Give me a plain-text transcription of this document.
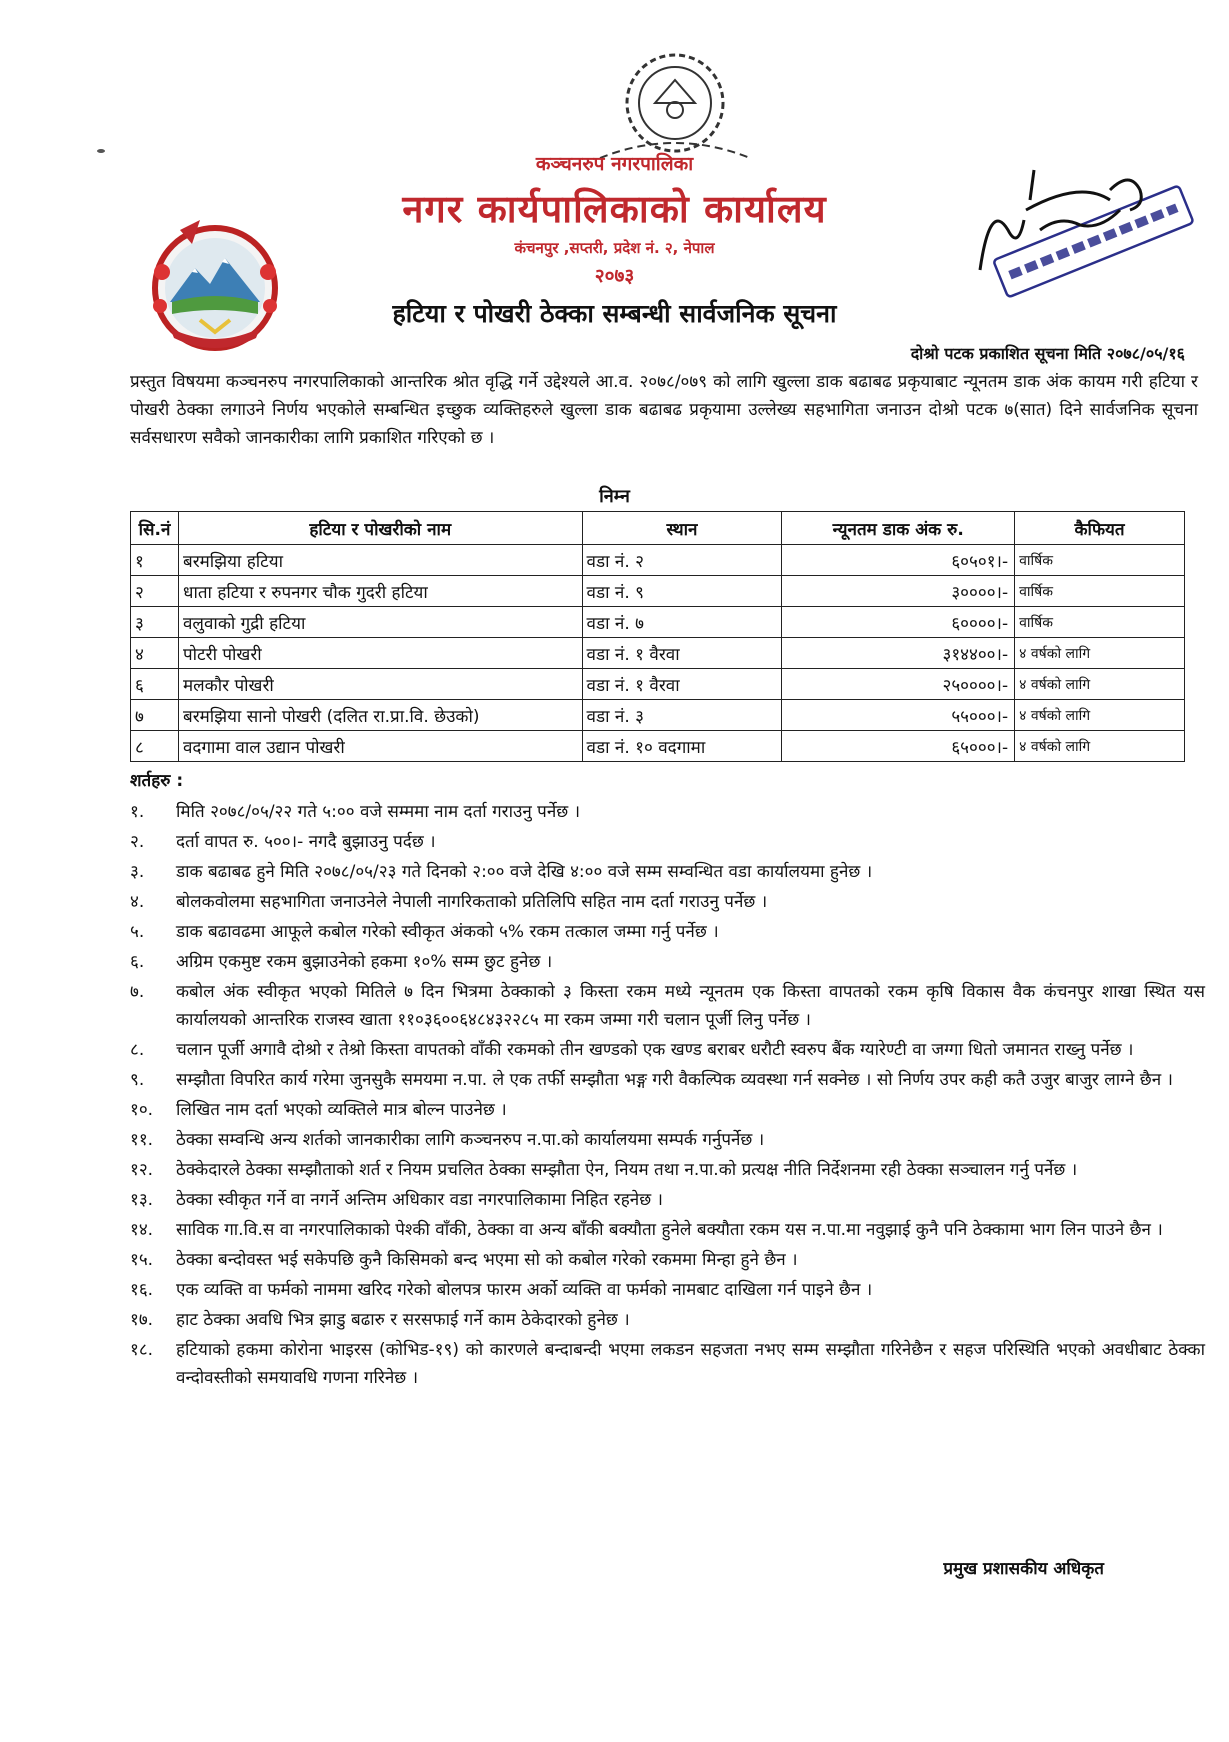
कञ्चनरुप नगरपालिका
नगर कार्यपालिकाको कार्यालय
कंचनपुर ,सप्तरी, प्रदेश नं. २, नेपाल
२०७३
हटिया र पोखरी ठेक्का सम्बन्धी सार्वजनिक सूचना
दोश्रो पटक प्रकाशित सूचना मिति २०७८/०५/१६
प्रस्तुत विषयमा कञ्चनरुप नगरपालिकाको आन्तरिक श्रोत वृद्धि गर्ने उद्देश्यले आ.व. २०७८/०७९ को लागि खुल्ला डाक बढाबढ प्रकृयाबाट न्यूनतम डाक अंक कायम गरी हटिया र पोखरी ठेक्का लगाउने निर्णय भएकोले सम्बन्धित इच्छुक व्यक्तिहरुले खुल्ला डाक बढाबढ प्रकृयामा उल्लेख्य सहभागिता जनाउन दोश्रो पटक ७(सात) दिने सार्वजनिक सूचना सर्वसधारण सवैको जानकारीका लागि प्रकाशित गरिएको छ ।
निम्न
सि.नं	हटिया र पोखरीको नाम	स्थान	न्यूनतम डाक अंक रु.	कैफियत
१	बरमझिया हटिया	वडा नं. २	६०५०१।-	वार्षिक
२	धाता हटिया र रुपनगर चौक गुदरी हटिया	वडा नं. ९	३००००।-	वार्षिक
३	वलुवाको गुद्री हटिया	वडा नं. ७	६००००।-	वार्षिक
४	पोटरी पोखरी	वडा नं. १ वैरवा	३१४४००।-	४ वर्षको लागि
६	मलकौर पोखरी	वडा नं. १ वैरवा	२५००००।-	४ वर्षको लागि
७	बरमझिया सानो पोखरी (दलित रा.प्रा.वि. छेउको)	वडा नं. ३	५५०००।-	४ वर्षको लागि
८	वदगामा वाल उद्यान पोखरी	वडा नं. १० वदगामा	६५०००।-	४ वर्षको लागि
शर्तहरु :
१.	मिति २०७८/०५/२२ गते ५:०० वजे सम्ममा नाम दर्ता गराउनु पर्नेछ ।
२.	दर्ता वापत रु. ५००।- नगदै बुझाउनु पर्दछ ।
३.	डाक बढाबढ हुने मिति २०७८/०५/२३ गते दिनको २:०० वजे देखि ४:०० वजे सम्म सम्वन्धित वडा कार्यालयमा हुनेछ ।
४.	बोलकवोलमा सहभागिता जनाउनेले नेपाली नागरिकताको प्रतिलिपि सहित नाम दर्ता गराउनु पर्नेछ ।
५.	डाक बढावढमा आफूले कबोल गरेको स्वीकृत अंकको ५% रकम तत्काल जम्मा गर्नु पर्नेछ ।
६.	अग्रिम एकमुष्ट रकम बुझाउनेको हकमा १०% सम्म छुट हुनेछ ।
७.	कबोल अंक स्वीकृत भएको मितिले ७ दिन भित्रमा ठेक्काको ३ किस्ता रकम मध्ये न्यूनतम एक किस्ता वापतको रकम कृषि विकास वैक कंचनपुर शाखा स्थित यस कार्यालयको आन्तरिक राजस्व खाता ११०३६००६४८४३२२८५ मा रकम जम्मा गरी चलान पूर्जी लिनु पर्नेछ ।
८.	चलान पूर्जी अगावै दोश्रो र तेश्रो किस्ता वापतको वाँकी रकमको तीन खण्डको एक खण्ड बराबर धरौटी स्वरुप बैंक ग्यारेण्टी वा जग्गा धितो जमानत राख्नु पर्नेछ ।
९.	सम्झौता विपरित कार्य गरेमा जुनसुकै समयमा न.पा. ले एक तर्फी सम्झौता भङ्ग गरी वैकल्पिक व्यवस्था गर्न सक्नेछ । सो निर्णय उपर कही कतै उजुर बाजुर लाग्ने छैन ।
१०.	लिखित नाम दर्ता भएको व्यक्तिले मात्र बोल्न पाउनेछ ।
११.	ठेक्का सम्वन्धि अन्य शर्तको जानकारीका लागि कञ्चनरुप न.पा.को कार्यालयमा सम्पर्क गर्नुपर्नेछ ।
१२.	ठेक्केदारले ठेक्का सम्झौताको शर्त र नियम प्रचलित ठेक्का सम्झौता ऐन, नियम तथा न.पा.को प्रत्यक्ष नीति निर्देशनमा रही ठेक्का सञ्चालन गर्नु पर्नेछ ।
१३.	ठेक्का स्वीकृत गर्ने वा नगर्ने अन्तिम अधिकार वडा नगरपालिकामा निहित रहनेछ ।
१४.	साविक गा.वि.स वा नगरपालिकाको पेश्की वाँकी, ठेक्का वा अन्य बाँकी बक्यौता हुनेले बक्यौता रकम यस न.पा.मा नवुझाई कुनै पनि ठेक्कामा भाग लिन पाउने छैन ।
१५.	ठेक्का बन्दोवस्त भई सकेपछि कुनै किसिमको बन्द भएमा सो को कबोल गरेको रकममा मिन्हा हुने छैन ।
१६.	एक व्यक्ति वा फर्मको नाममा खरिद गरेको बोलपत्र फारम अर्को व्यक्ति वा फर्मको नामबाट दाखिला गर्न पाइने छैन ।
१७.	हाट ठेक्का अवधि भित्र झाडु बढारु र सरसफाई गर्ने काम ठेकेदारको हुनेछ ।
१८.	हटियाको हकमा कोरोना भाइरस (कोभिड-१९) को कारणले बन्दाबन्दी भएमा लकडन सहजता नभए सम्म सम्झौता गरिनेछैन र सहज परिस्थिति भएको अवधीबाट ठेक्का वन्दोवस्तीको समयावधि गणना गरिनेछ ।
प्रमुख प्रशासकीय अधिकृत
